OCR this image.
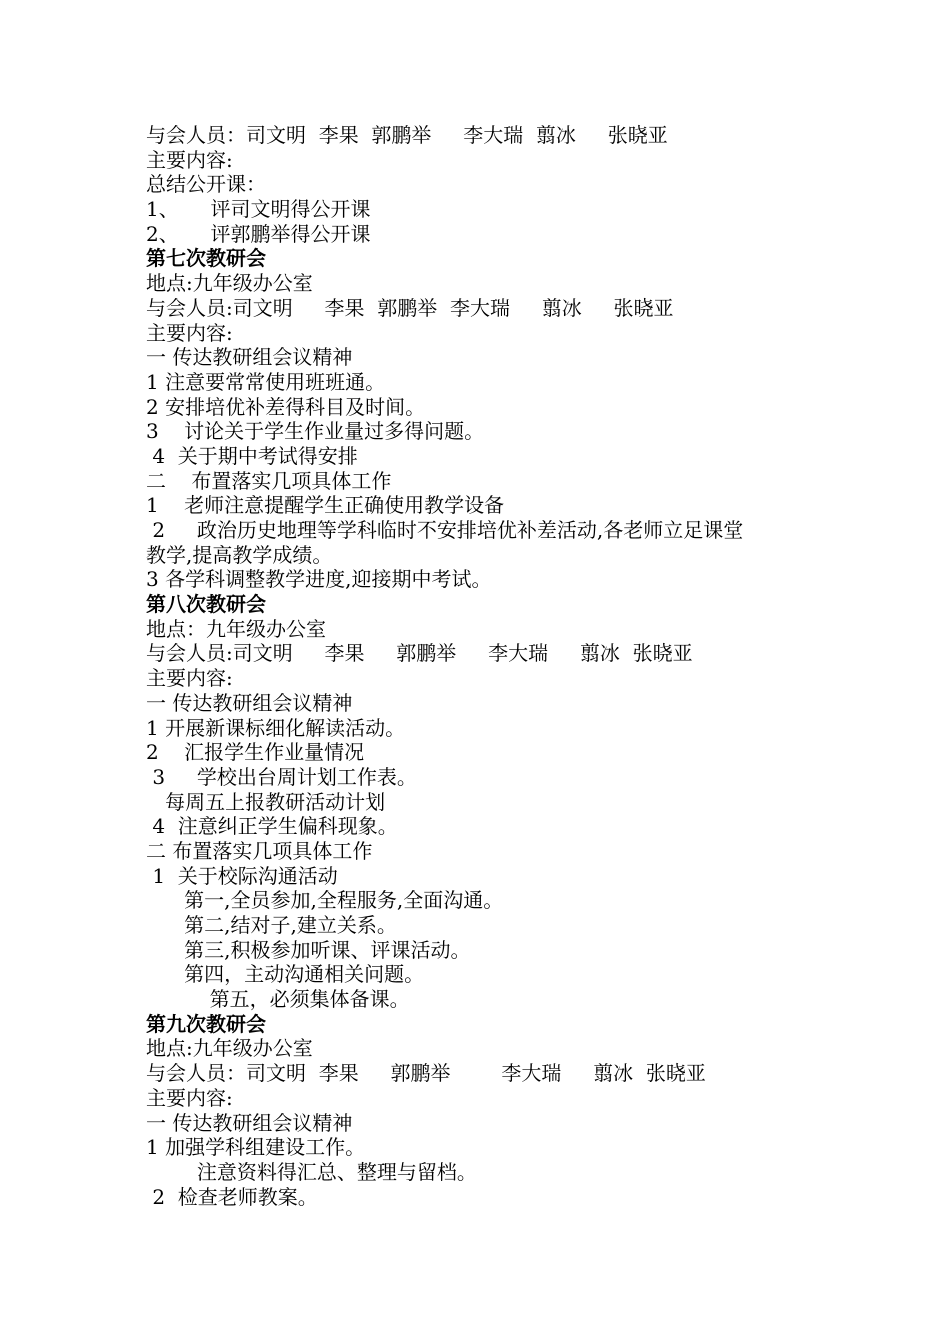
与会人员：司文明  李果  郭鹏举     李大瑞  翦冰     张晓亚
主要内容:
总结公开课：
1、     评司文明得公开课
2、     评郭鹏举得公开课
第七次教研会
地点:九年级办公室
与会人员:司文明     李果  郭鹏举  李大瑞     翦冰     张晓亚
主要内容:
一 传达教研组会议精神
1 注意要常常使用班班通。
2 安排培优补差得科目及时间。
3    讨论关于学生作业量过多得问题。
4  关于期中考试得安排
二    布置落实几项具体工作
1    老师注意提醒学生正确使用教学设备
2     政治历史地理等学科临时不安排培优补差活动,各老师立足课堂
教学,提高教学成绩。
3 各学科调整教学进度,迎接期中考试。
第八次教研会
地点：九年级办公室
与会人员:司文明     李果     郭鹏举     李大瑞     翦冰  张晓亚
主要内容:
一 传达教研组会议精神
1 开展新课标细化解读活动。
2    汇报学生作业量情况
3     学校出台周计划工作表。
每周五上报教研活动计划
4  注意纠正学生偏科现象。
二 布置落实几项具体工作
1  关于校际沟通活动
第一,全员参加,全程服务,全面沟通。
第二,结对子,建立关系。
第三,积极参加听课、评课活动。
第四，主动沟通相关问题。
第五，必须集体备课。
第九次教研会
地点:九年级办公室
与会人员：司文明  李果     郭鹏举        李大瑞     翦冰  张晓亚
主要内容:
一 传达教研组会议精神
1 加强学科组建设工作。
注意资料得汇总、整理与留档。
2  检查老师教案。
